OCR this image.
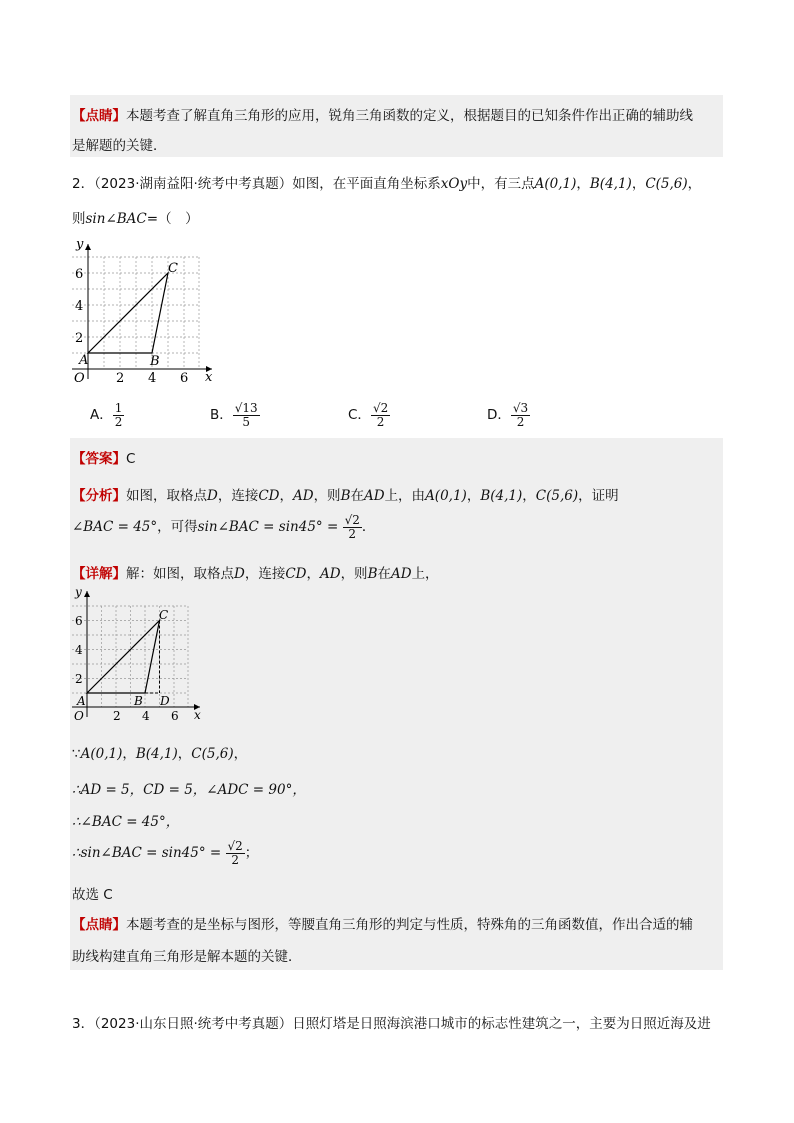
【点睛】本题考查了解直角三角形的应用，锐角三角函数的定义，根据题目的已知条件作出正确的辅助线
是解题的关键．
2．（2023·湖南益阳·统考中考真题）如图，在平面直角坐标系xOy中，有三点A(0,1)，B(4,1)，C(5,6)，
则sin∠BAC=（　）
y
x
O 2 4 6
2
4
6
A	B
C
A． $\frac{1}{2}$	B． $\frac{√13}{5}$	C． $\frac{√2}{2}$	D． $\frac{√3}{2}$
【答案】C
【分析】如图，取格点D，连接CD，AD，则B在AD上，由A(0,1)，B(4,1)，C(5,6)，证明
∠BAC = 45°，可得sin∠BAC = $\sin 45^\circ = \frac{√2}{2}$ ．
【详解】解：如图，取格点D，连接CD，AD，则B在AD上，
y
x
O 2 4 6
2
4
6
A	B
C
D
∵A(0,1)，B(4,1)，C(5,6)，
∴AD = 5，CD = 5，∠ADC = 90°，
∴∠BAC = 45°，
∴sin∠BAC = $\sin 45^\circ = \frac{√2}{2}$ ；
故选 C
【点睛】本题考查的是坐标与图形，等腰直角三角形的判定与性质，特殊角的三角函数值，作出合适的辅
助线构建直角三角形是解本题的关键．
3．（2023·山东日照·统考中考真题）日照灯塔是日照海滨港口城市的标志性建筑之一，主要为日照近海及进
